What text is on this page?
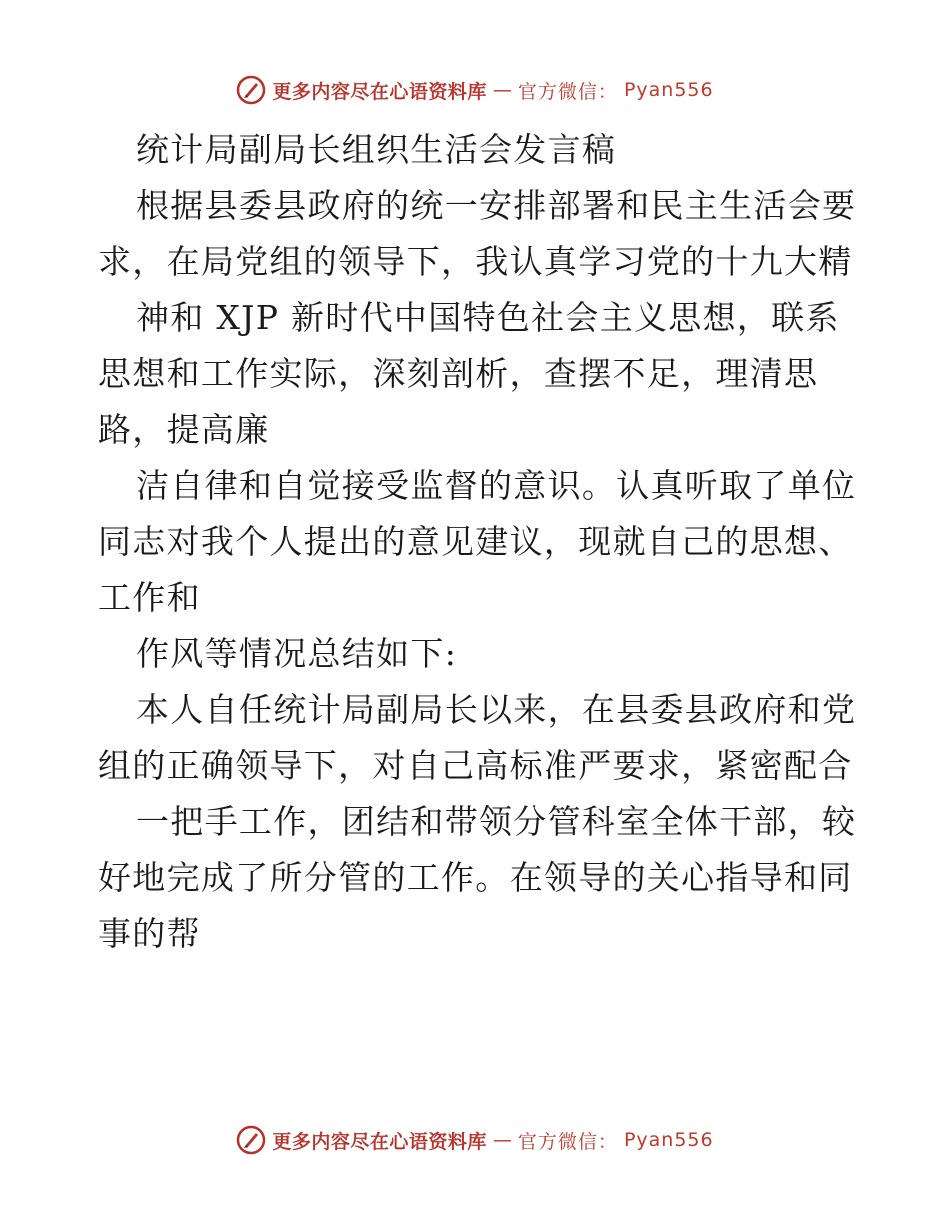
更多内容尽在心语资料库 — 官方微信： Pyan556
统计局副局长组织生活会发言稿
根据县委县政府的统一安排部署和民主生活会要
求，在局党组的领导下，我认真学习党的十九大精
神和 XJP 新时代中国特色社会主义思想，联系
思想和工作实际，深刻剖析，查摆不足，理清思
路，提高廉
洁自律和自觉接受监督的意识。认真听取了单位
同志对我个人提出的意见建议，现就自己的思想、
工作和
作风等情况总结如下:
本人自任统计局副局长以来，在县委县政府和党
组的正确领导下，对自己高标准严要求，紧密配合
一把手工作，团结和带领分管科室全体干部，较
好地完成了所分管的工作。在领导的关心指导和同
事的帮
更多内容尽在心语资料库 — 官方微信： Pyan556
